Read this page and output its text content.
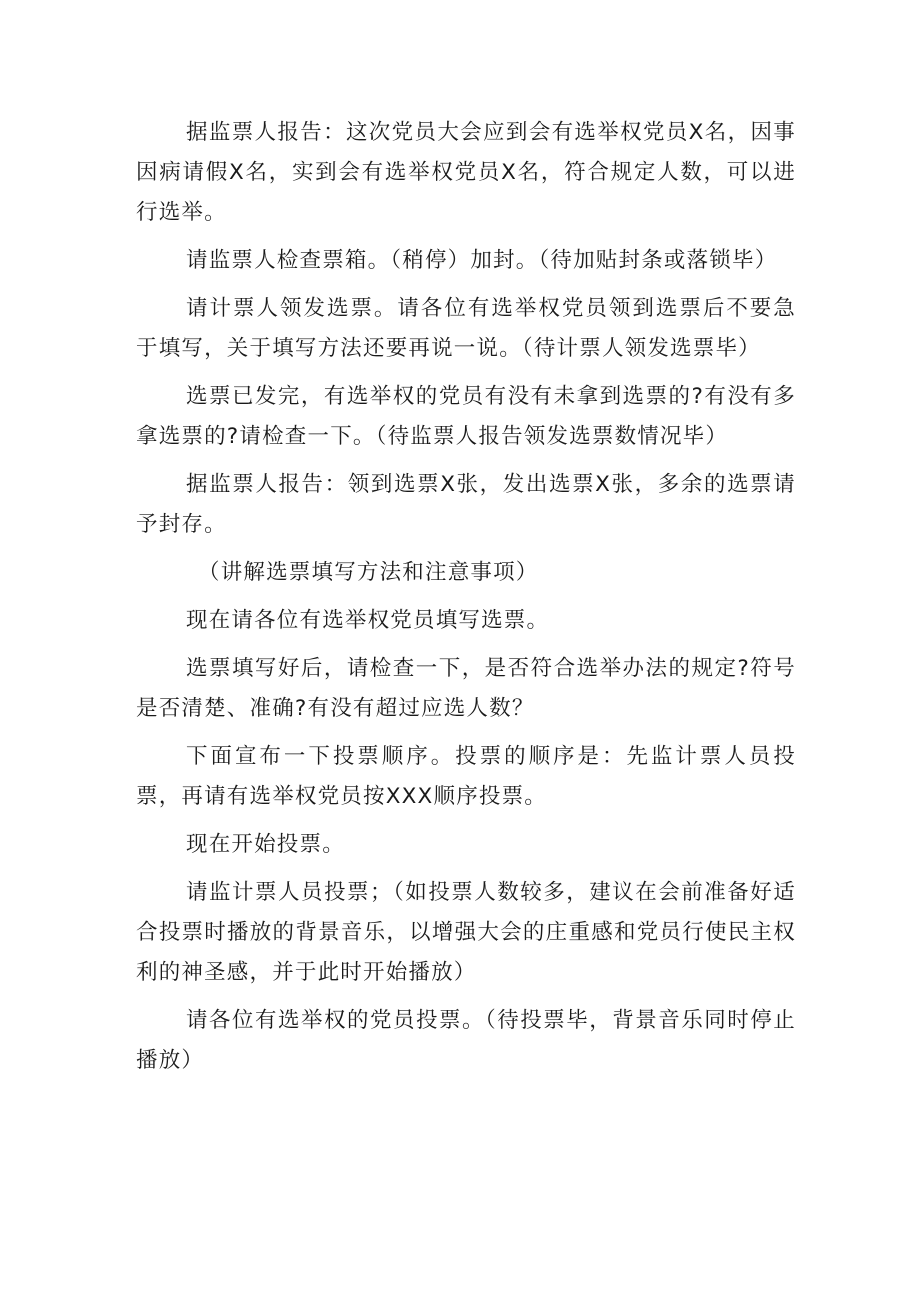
据监票人报告：这次党员大会应到会有选举权党员X名，因事因病请假X名，实到会有选举权党员X名，符合规定人数，可以进行选举。

请监票人检查票箱。（稍停）加封。（待加贴封条或落锁毕）

请计票人领发选票。请各位有选举权党员领到选票后不要急于填写，关于填写方法还要再说一说。（待计票人领发选票毕）

选票已发完，有选举权的党员有没有未拿到选票的?有没有多拿选票的?请检查一下。（待监票人报告领发选票数情况毕）

据监票人报告：领到选票X张，发出选票X张，多余的选票请予封存。

（讲解选票填写方法和注意事项）

现在请各位有选举权党员填写选票。

选票填写好后，请检查一下，是否符合选举办法的规定?符号是否清楚、准确?有没有超过应选人数？

下面宣布一下投票顺序。投票的顺序是：先监计票人员投票，再请有选举权党员按XXX顺序投票。

现在开始投票。

请监计票人员投票；（如投票人数较多，建议在会前准备好适合投票时播放的背景音乐，以增强大会的庄重感和党员行使民主权利的神圣感，并于此时开始播放）

请各位有选举权的党员投票。（待投票毕，背景音乐同时停止播放）
